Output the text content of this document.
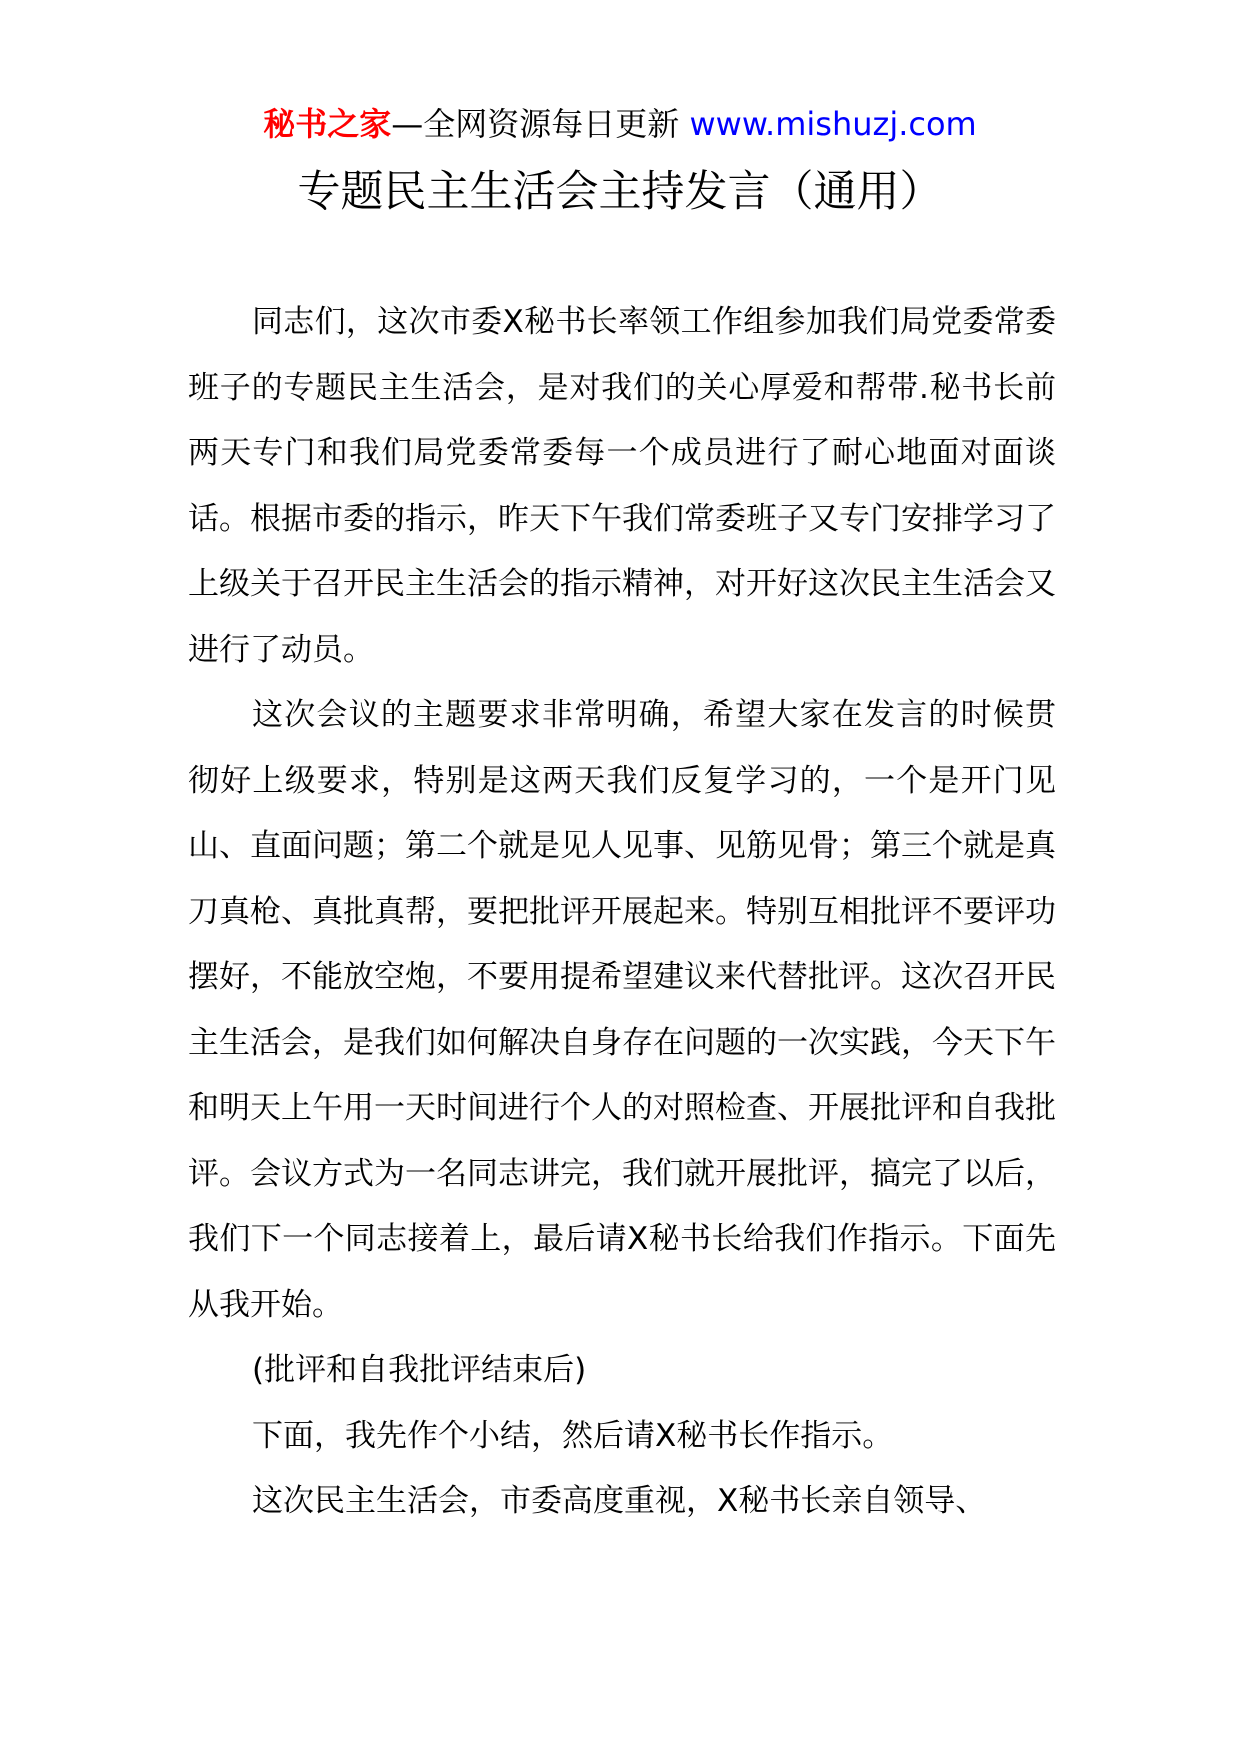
秘书之家—全网资源每日更新 www.mishuzj.com
专题民主生活会主持发言（通用）

同志们，这次市委X秘书长率领工作组参加我们局党委常委班子的专题民主生活会，是对我们的关心厚爱和帮带.秘书长前两天专门和我们局党委常委每一个成员进行了耐心地面对面谈话。根据市委的指示，昨天下午我们常委班子又专门安排学习了上级关于召开民主生活会的指示精神，对开好这次民主生活会又进行了动员。

这次会议的主题要求非常明确，希望大家在发言的时候贯彻好上级要求，特别是这两天我们反复学习的，一个是开门见山、直面问题；第二个就是见人见事、见筋见骨；第三个就是真刀真枪、真批真帮，要把批评开展起来。特别互相批评不要评功摆好，不能放空炮，不要用提希望建议来代替批评。这次召开民主生活会，是我们如何解决自身存在问题的一次实践，今天下午和明天上午用一天时间进行个人的对照检查、开展批评和自我批评。会议方式为一名同志讲完，我们就开展批评，搞完了以后，我们下一个同志接着上，最后请X秘书长给我们作指示。下面先从我开始。

(批评和自我批评结束后)

下面，我先作个小结，然后请X秘书长作指示。

这次民主生活会，市委高度重视，X秘书长亲自领导、
